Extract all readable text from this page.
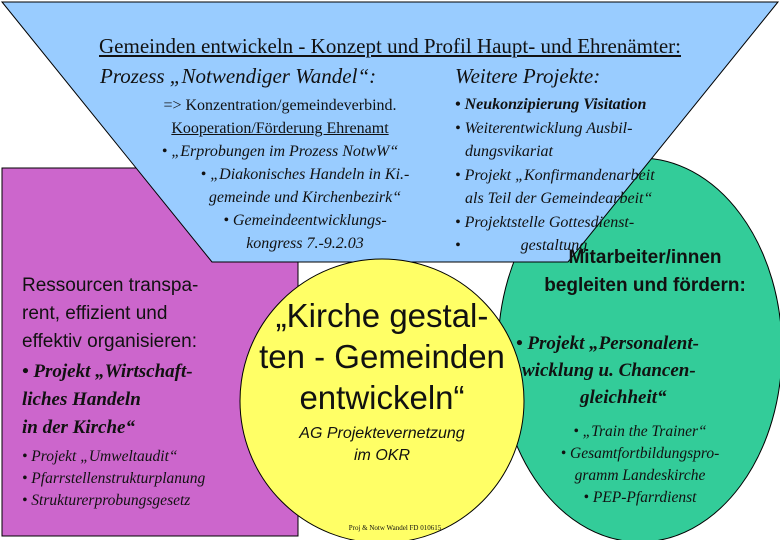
Gemeinden entwickeln - Konzept und Profil Haupt- und Ehrenämter:
Prozess „Notwendiger Wandel“:
=> Konzentration/gemeindeverbind.
Kooperation/Förderung Ehrenamt
• „Erprobungen im Prozess NotwW“
• „Diakonisches Handeln in Ki.-
gemeinde und Kirchenbezirk“
• Gemeindeentwicklungs-
kongress 7.-9.2.03
Weitere Projekte:
• Neukonzipierung Visitation
• Weiterentwicklung Ausbil-
dungsvikariat
• Projekt „Konfirmandenarbeit
als Teil der Gemeindearbeit“
• Projektstelle Gottesdienst-
•	gestaltung
Ressourcen transpa-
rent, effizient und
effektiv organisieren:
• Projekt „Wirtschaft-
liches Handeln
in der Kirche“
• Projekt „Umweltaudit“
• Pfarrstellenstrukturplanung
• Strukturerprobungsgesetz
„Kirche gestal-
ten - Gemeinden
entwickeln“
AG Projektevernetzung
im OKR
Mitarbeiter/innen
begleiten und fördern:
• Projekt „Personalent-
wicklung u. Chancen-
gleichheit“
• „Train the Trainer“
• Gesamtfortbildungspro-
gramm Landeskirche
• PEP-Pfarrdienst
Proj & Notw Wandel FD 010615
